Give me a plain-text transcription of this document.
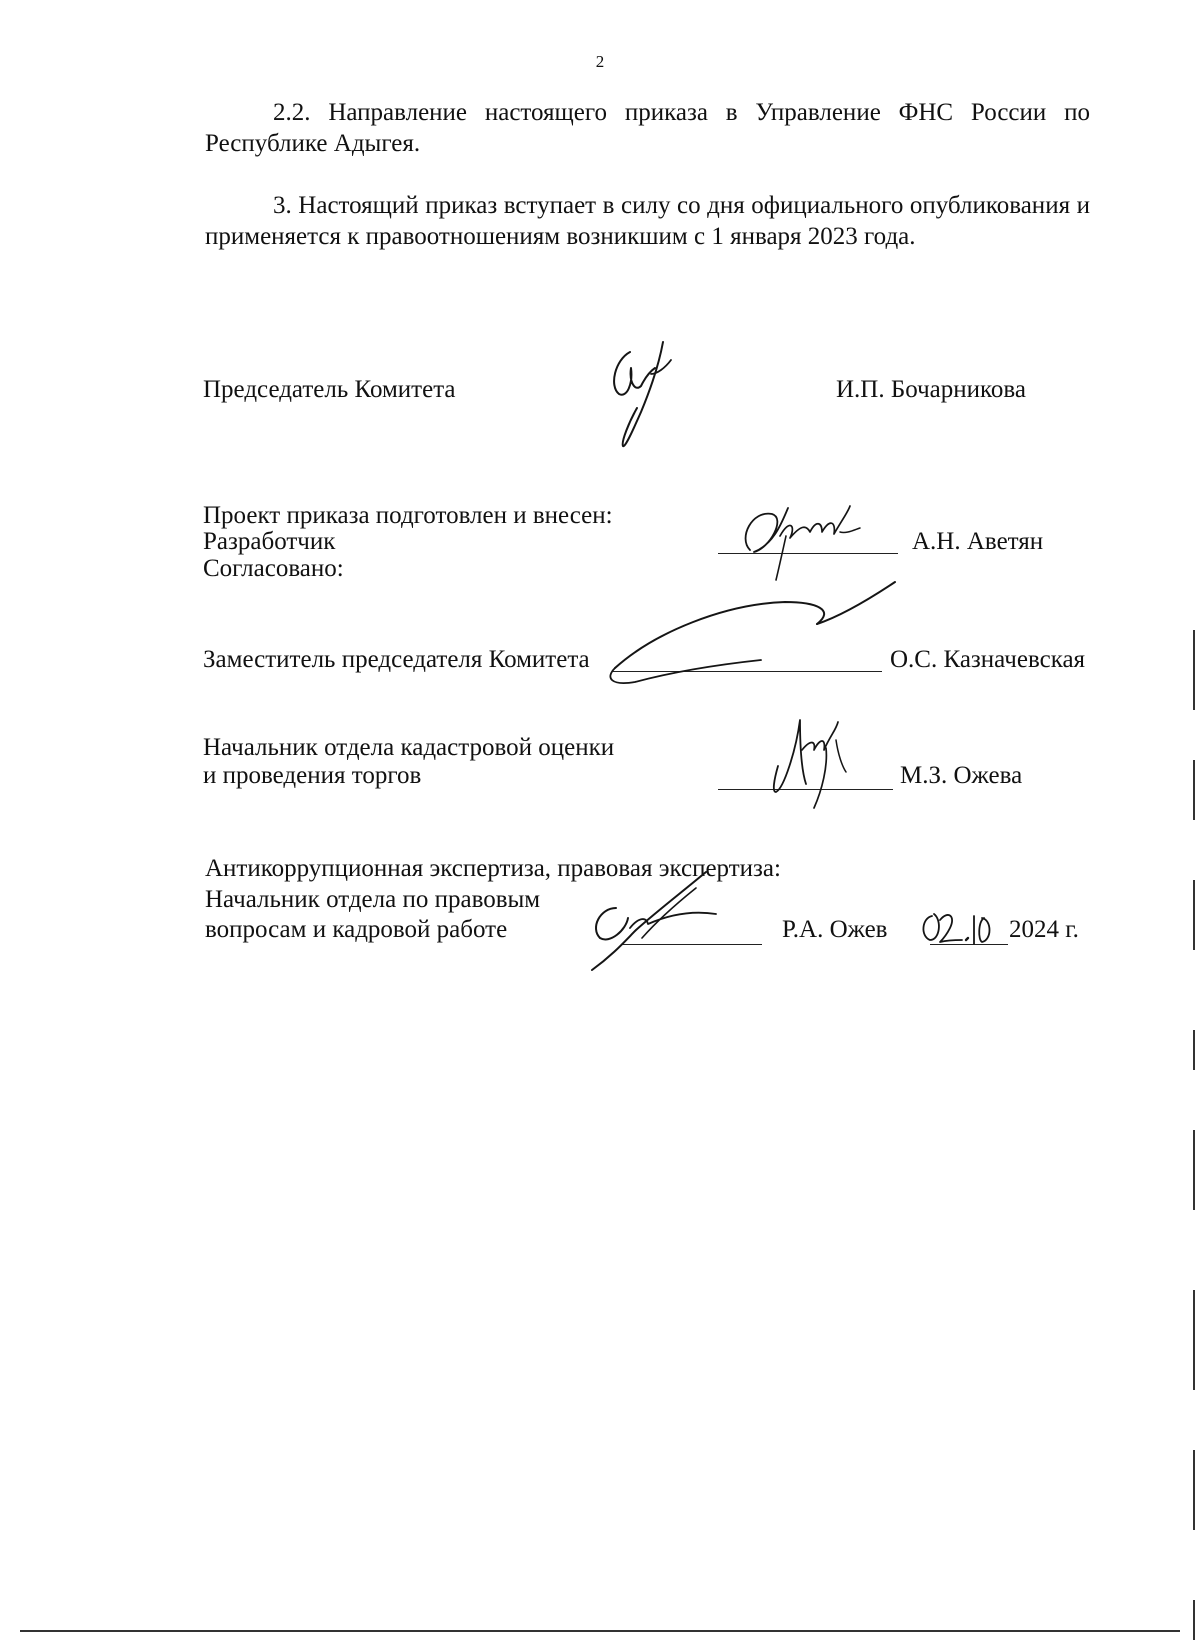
2
2.2. Направление настоящего приказа в Управление ФНС России по Республике Адыгея.
3. Настоящий приказ вступает в силу со дня официального опубликования и применяется к правоотношениям возникшим с 1 января 2023 года.
Председатель Комитета	И.П. Бочарникова
Проект приказа подготовлен и внесен:
Разработчик
Согласовано:
А.Н. Аветян
Заместитель председателя Комитета	О.С. Казначевская
Начальник отдела кадастровой оценки
и проведения торгов	М.З. Ожева
Антикоррупционная экспертиза, правовая экспертиза:
Начальник отдела по правовым
вопросам и кадровой работе	Р.А. Ожев	2024 г.
